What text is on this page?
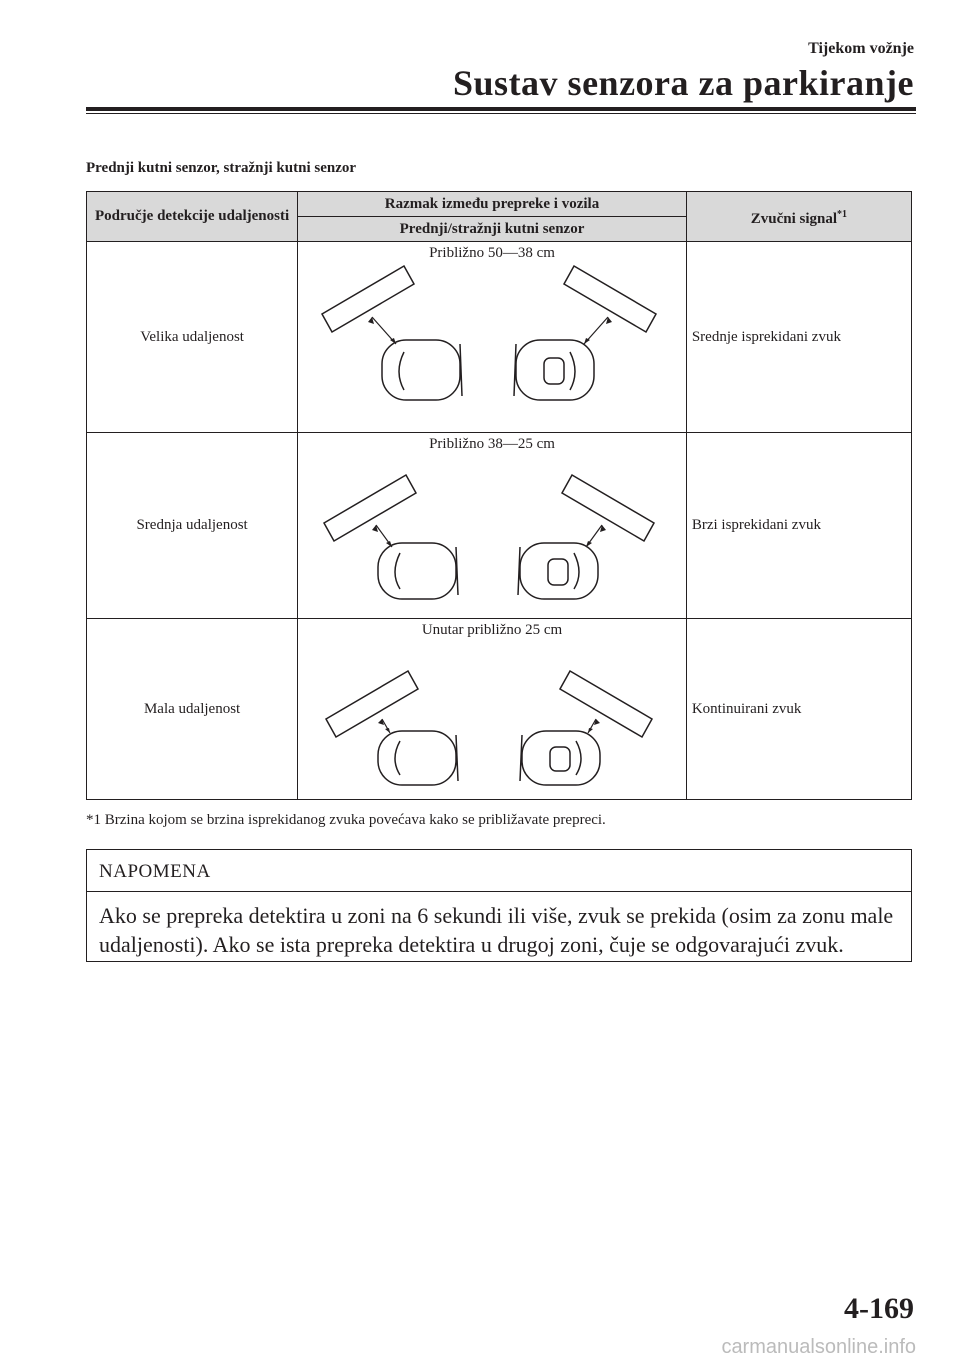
Tijekom vožnje
Sustav senzora za parkiranje
Prednji kutni senzor, stražnji kutni senzor
Područje detekcije udaljenosti	Razmak između prepreke i vozila	Zvučni signal$^{*1}$
	Prednji/stražnji kutni senzor	
Velika udaljenost	Približno 50—38 cm	Srednje isprekidani zvuk
Srednja udaljenost	Približno 38—25 cm	Brzi isprekidani zvuk
Mala udaljenost	Unutar približno 25 cm	Kontinuirani zvuk
*1 Brzina kojom se brzina isprekidanog zvuka povećava kako se približavate prepreci.
NAPOMENA
Ako se prepreka detektira u zoni na 6 sekundi ili više, zvuk se prekida (osim za zonu male udaljenosti). Ako se ista prepreka detektira u drugoj zoni, čuje se odgovarajući zvuk.
4-169
carmanualsonline.info
